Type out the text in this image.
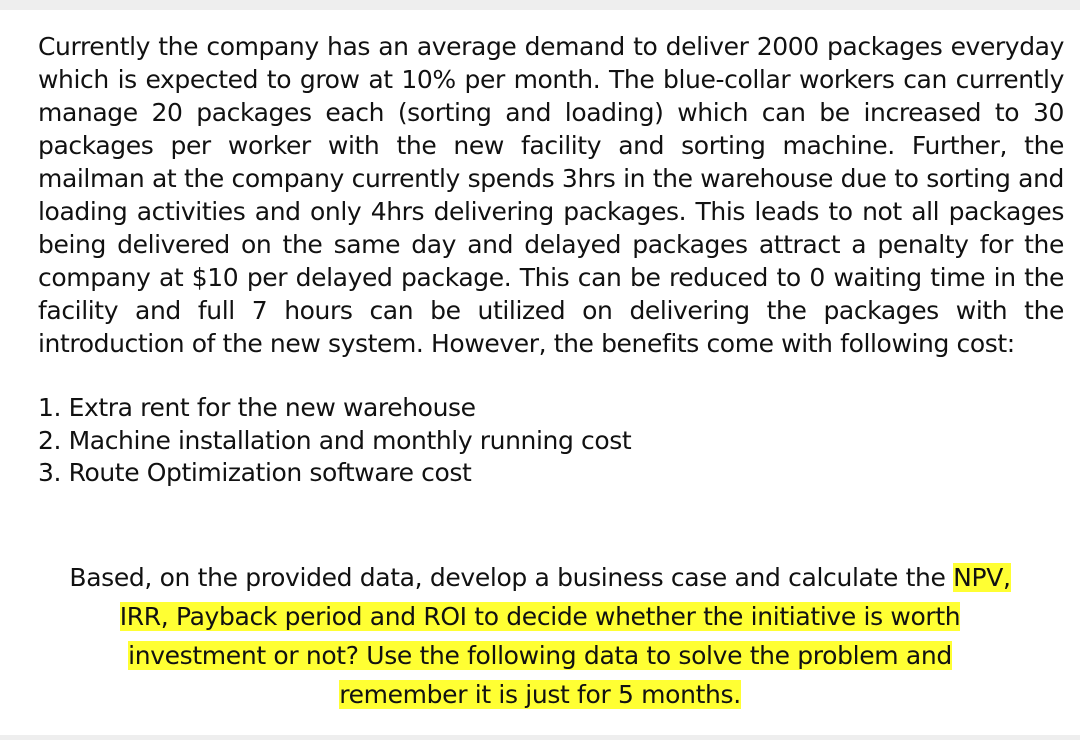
Currently the company has an average demand to deliver 2000 packages everyday which is expected to grow at 10% per month. The blue-collar workers can currently manage 20 packages each (sorting and loading) which can be increased to 30 packages per worker with the new facility and sorting machine. Further, the mailman at the company currently spends 3hrs in the warehouse due to sorting and loading activities and only 4hrs delivering packages. This leads to not all packages being delivered on the same day and delayed packages attract a penalty for the company at $10 per delayed package. This can be reduced to 0 waiting time in the facility and full 7 hours can be utilized on delivering the packages with the introduction of the new system. However, the benefits come with following cost:

1. Extra rent for the new warehouse
2. Machine installation and monthly running cost
3. Route Optimization software cost
Based, on the provided data, develop a business case and calculate the NPV,
IRR, Payback period and ROI to decide whether the initiative is worth
investment or not? Use the following data to solve the problem and
remember it is just for 5 months.
